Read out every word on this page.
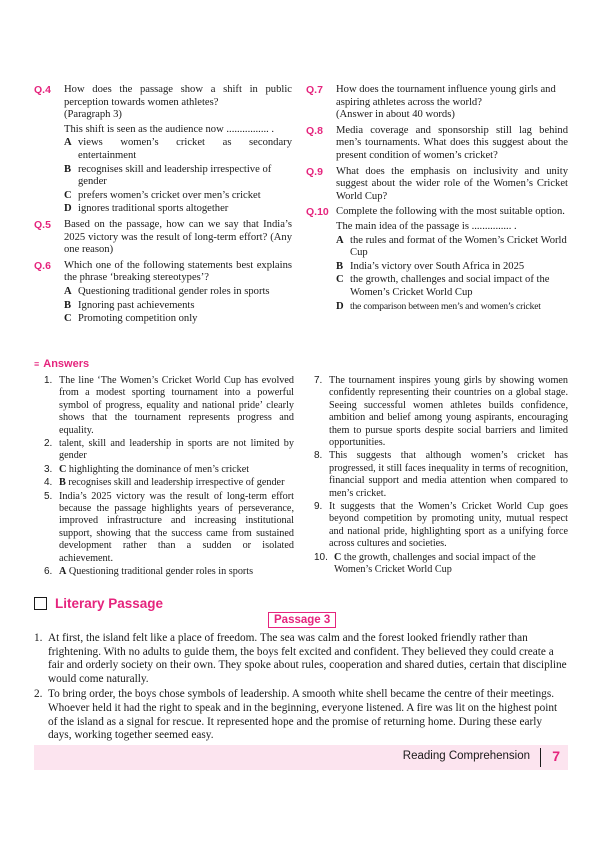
Q.4	How does the passage show a shift in public perception towards women athletes?

(Paragraph 3)
This shift is seen as the audience now ................ .
A views women’s cricket as secondary entertainment
B recognises skill and leadership irrespective of gender
C prefers women’s cricket over men’s cricket
D ignores traditional sports altogether
Q.5	Based on the passage, how can we say that India’s 2025 victory was the result of long-term effort? (Any one reason)

Q.6	Which one of the following statements best explains the phrase ‘breaking stereotypes’?

A Questioning traditional gender roles in sports
B Ignoring past achievements
C Promoting competition only
Q.7	How does the tournament influence young girls and aspiring athletes across the world?

(Answer in about 40 words)
Q.8	Media coverage and sponsorship still lag behind men’s tournaments. What does this suggest about the present condition of women’s cricket?

Q.9	What does the emphasis on inclusivity and unity suggest about the wider role of the Women’s Cricket World Cup?

Q.10 Complete the following with the most suitable option.

The main idea of the passage is ............... .
A the rules and format of the Women’s Cricket World Cup
B India’s victory over South Africa in 2025
C the growth, challenges and social impact of the Women’s Cricket World Cup
D the comparison between men’s and women’s cricket
≡ Answers
1. The line ‘The Women’s Cricket World Cup has evolved from a modest sporting tournament into a powerful symbol of progress, equality and national pride’ clearly shows that the tournament represents progress and equality.
2. talent, skill and leadership in sports are not limited by gender
3. C highlighting the dominance of men’s cricket
4. B recognises skill and leadership irrespective of gender
5. India’s 2025 victory was the result of long-term effort because the passage highlights years of perseverance, improved infrastructure and increasing institutional support, showing that the success came from sustained development rather than a sudden or isolated achievement.
6. A Questioning traditional gender roles in sports
7. The tournament inspires young girls by showing women confidently representing their countries on a global stage. Seeing successful women athletes builds confidence, ambition and belief among young aspirants, encouraging them to pursue sports despite social barriers and limited opportunities.
8. This suggests that although women’s cricket has progressed, it still faces inequality in terms of recognition, financial support and media attention when compared to men’s cricket.
9. It suggests that the Women’s Cricket World Cup goes beyond competition by promoting unity, mutual respect and national pride, highlighting sport as a unifying force across cultures and societies.
10. C the growth, challenges and social impact of the Women’s Cricket World Cup
Literary Passage
Passage 3
1. At first, the island felt like a place of freedom. The sea was calm and the forest looked friendly rather than frightening. With no adults to guide them, the boys felt excited and confident. They believed they could create a fair and orderly society on their own. They spoke about rules, cooperation and shared duties, certain that discipline would come naturally.
2. To bring order, the boys chose symbols of leadership. A smooth white shell became the centre of their meetings. Whoever held it had the right to speak and in the beginning, everyone listened. A fire was lit on the highest point of the island as a signal for rescue. It represented hope and the promise of returning home. During these early days, working together seemed easy.
Reading Comprehension 7
